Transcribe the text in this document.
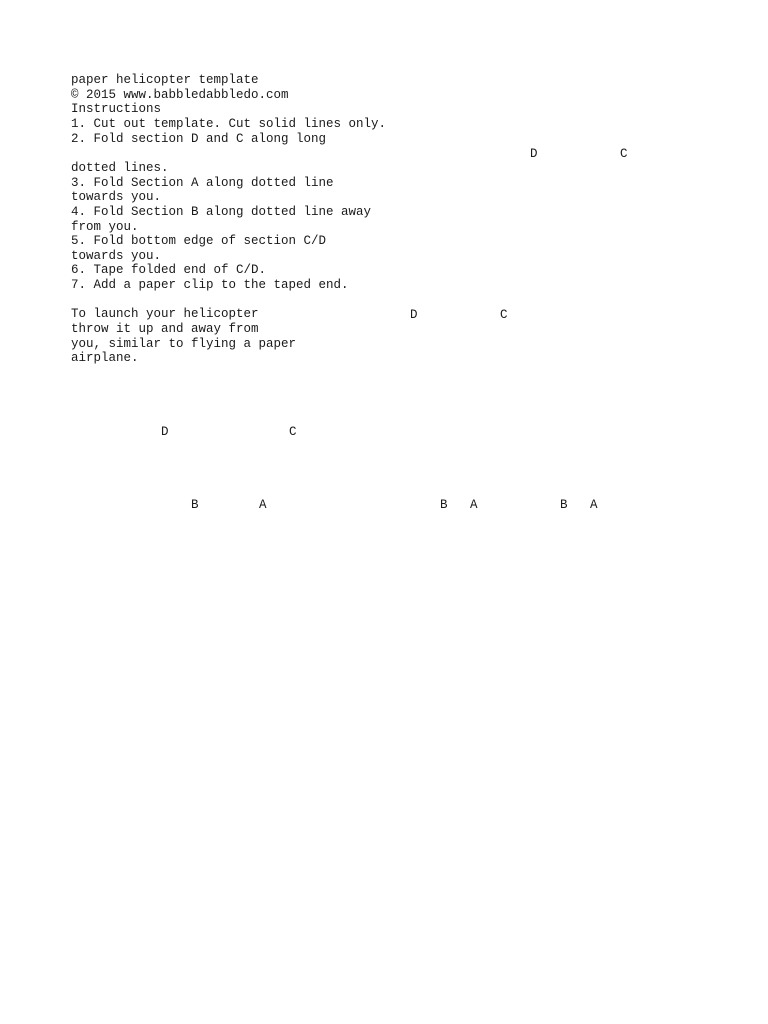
paper helicopter template
© 2015 www.babbledabbledo.com
Instructions
1. Cut out template. Cut solid lines only.
2. Fold section D and C along long
dotted lines.
3. Fold Section A along dotted line
towards you.
4. Fold Section B along dotted line away
from you.
5. Fold bottom edge of section C/D
towards you.
6. Tape folded end of C/D.
7. Add a paper clip to the taped end.
To launch your helicopter
throw it up and away from
you, similar to flying a paper
airplane.
D	C
D	C
D	C
B	A	B A	B A
